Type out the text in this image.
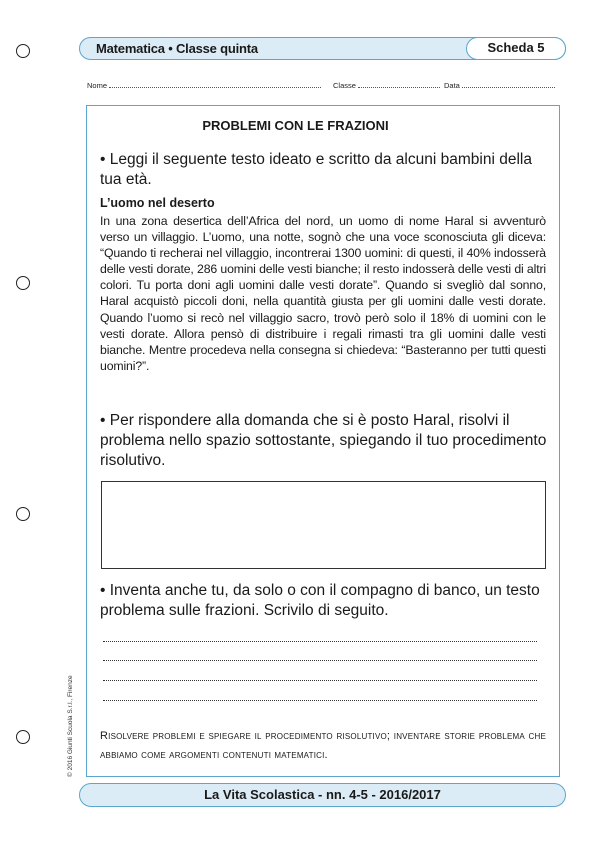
Matematica • Classe quinta	Scheda 5
Nome	Classe	Data
PROBLEMI CON LE FRAZIONI
• Leggi il seguente testo ideato e scritto da alcuni bambini della tua età.
L’uomo nel deserto
In una zona desertica dell’Africa del nord, un uomo di nome Haral si avventurò verso un villaggio. L’uomo, una notte, sognò che una voce sconosciuta gli diceva: “Quando ti recherai nel villaggio, incontrerai 1300 uomini: di questi, il 40% indosserà delle vesti dorate, 286 uomini delle vesti bianche; il resto indosserà delle vesti di altri colori. Tu porta doni agli uomini dalle vesti dorate”. Quando si svegliò dal sonno, Haral acquistò piccoli doni, nella quantità giusta per gli uomini dalle vesti dorate. Quando l’uomo si recò nel villaggio sacro, trovò però solo il 18% di uomini con le vesti dorate. Allora pensò di distribuire i regali rimasti tra gli uomini dalle vesti bianche. Mentre procedeva nella consegna si chiedeva: “Basteranno per tutti questi uomini?”.
• Per rispondere alla domanda che si è posto Haral, risolvi il problema nello spazio sottostante, spiegando il tuo procedimento risolutivo.
• Inventa anche tu, da solo o con il compagno di banco, un testo problema sulle frazioni. Scrivilo di seguito.
Risolvere problemi e spiegare il procedimento risolutivo; inventare storie problema che abbiamo come argomenti contenuti matematici.
© 2016 Giunti Scuola S.r.l., Firenze
La Vita Scolastica - nn. 4-5 - 2016/2017
